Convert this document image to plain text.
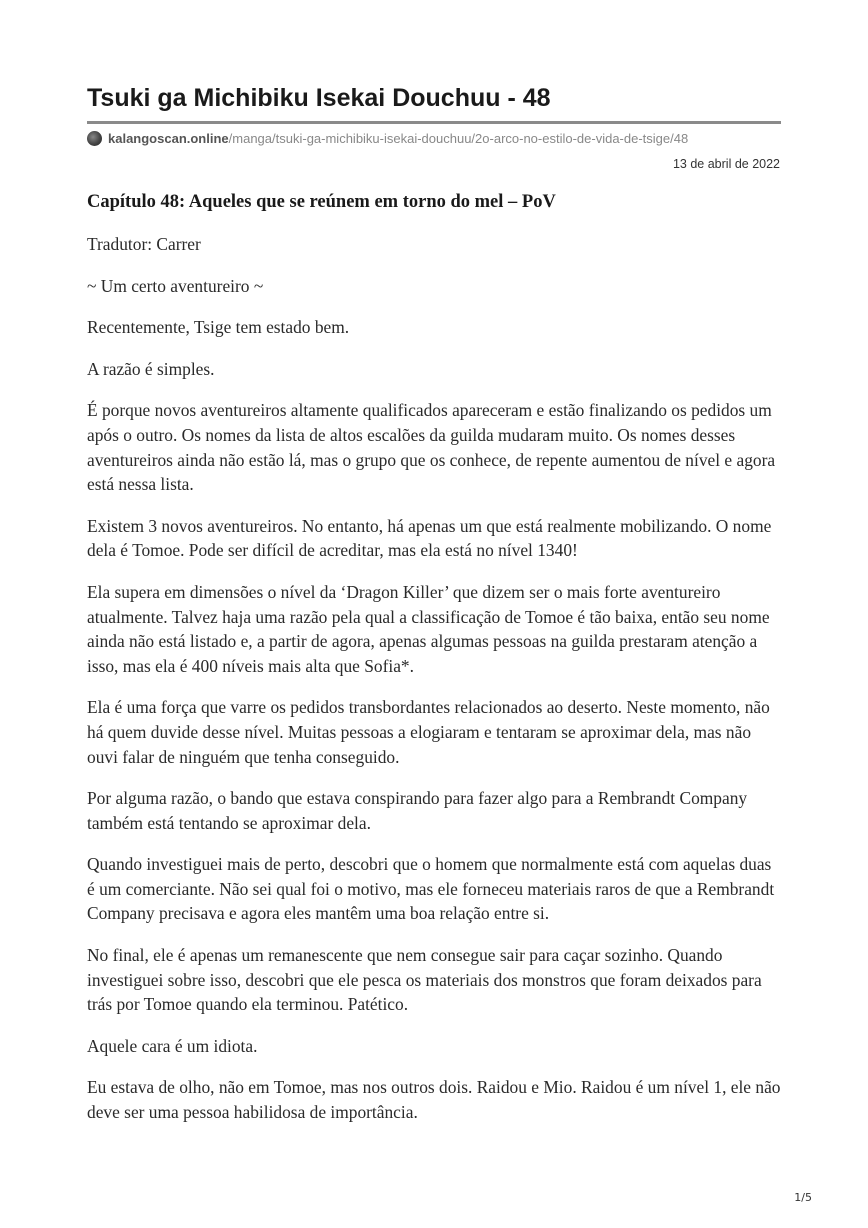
Tsuki ga Michibiku Isekai Douchuu - 48
kalangoscan.online /manga/tsuki-ga-michibiku-isekai-douchuu/2o-arco-no-estilo-de-vida-de-tsige/48
13 de abril de 2022
Capítulo 48: Aqueles que se reúnem em torno do mel – PoV

Tradutor: Carrer

~ Um certo aventureiro ~

Recentemente, Tsige tem estado bem.

A razão é simples.

É porque novos aventureiros altamente qualificados apareceram e estão finalizando os pedidos um após o outro. Os nomes da lista de altos escalões da guilda mudaram muito. Os nomes desses aventureiros ainda não estão lá, mas o grupo que os conhece, de repente aumentou de nível e agora está nessa lista.

Existem 3 novos aventureiros. No entanto, há apenas um que está realmente mobilizando. O nome dela é Tomoe. Pode ser difícil de acreditar, mas ela está no nível 1340!

Ela supera em dimensões o nível da ‘Dragon Killer’ que dizem ser o mais forte aventureiro atualmente. Talvez haja uma razão pela qual a classificação de Tomoe é tão baixa, então seu nome ainda não está listado e, a partir de agora, apenas algumas pessoas na guilda prestaram atenção a isso, mas ela é 400 níveis mais alta que Sofia*.

Ela é uma força que varre os pedidos transbordantes relacionados ao deserto. Neste momento, não há quem duvide desse nível. Muitas pessoas a elogiaram e tentaram se aproximar dela, mas não ouvi falar de ninguém que tenha conseguido.

Por alguma razão, o bando que estava conspirando para fazer algo para a Rembrandt Company também está tentando se aproximar dela.

Quando investiguei mais de perto, descobri que o homem que normalmente está com aquelas duas é um comerciante. Não sei qual foi o motivo, mas ele forneceu materiais raros de que a Rembrandt Company precisava e agora eles mantêm uma boa relação entre si.

No final, ele é apenas um remanescente que nem consegue sair para caçar sozinho. Quando investiguei sobre isso, descobri que ele pesca os materiais dos monstros que foram deixados para trás por Tomoe quando ela terminou. Patético.

Aquele cara é um idiota.

Eu estava de olho, não em Tomoe, mas nos outros dois. Raidou e Mio. Raidou é um nível 1, ele não deve ser uma pessoa habilidosa de importância.

1/5
